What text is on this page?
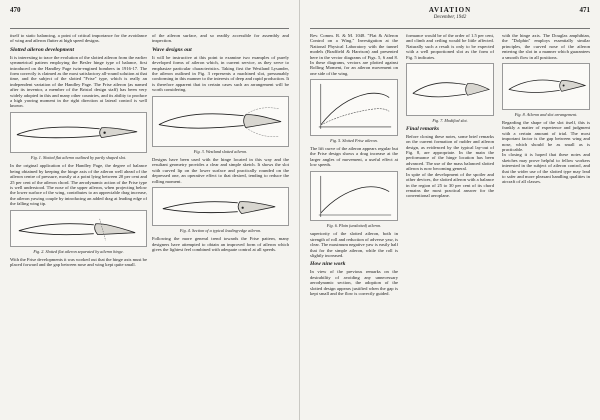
470

itself to static balancing, a point of critical importance for the avoidance of wing and aileron flutter at high speed designs.

Slotted aileron development

It is interesting to trace the evolution of the slotted aileron from the earlier symmetrical pattern employing the Besler hinge type of balance, first introduced on the Handley Page twin-engined bombers in 1916-17. The form correctly is claimed as the most satisfactory all-round solution at that time, and the subject of the slotted "Frise" type, which is really an independent variation of the Handley Page. The Frise aileron (as named after its inventor, a member of the Bristol design staff) has been very widely adopted in this and many other countries, and its ability to produce a high yawing moment in the right direction at lateral control is well known.

Fig. 1. Slotted flat aileron outlined by partly shaped slot.

In the original application of the Handley Page, the degree of balance being obtained by keeping the hinge axis of the aileron well ahead of the aileron centre of pressure, mostly at a point lying between 20 per cent and 25 per cent of the aileron chord. The aerodynamic action of the Frise type is well understood. The nose of the upper aileron, when projecting below the lower surface of the wing, contributes to an appreciable drag increase, the aileron yawing couple by introducing an added drag at leading edge of the falling wing tip.

Fig. 2. Slotted flat aileron separated by aileron hinge.

With the Frise developments it was worked out that the hinge axis must be placed forward and the gap between nose and wing kept quite small.

of the aileron surface, and so readily accessible for assembly and inspection.

Wave designs out

It will be instructive at this point to examine two examples of purely developed forms of aileron which, in current service, as they serve to emphasize particular characteristics. Taking first the Westland Lysander, the aileron outlined in Fig. 3 represents a machined slot, presumably conforming in this manner to the interests of deep and rapid production. It is therefore apparent that in certain cases such an arrangement will be worth considering.

Fig. 3. Westland slotted aileron.

Designs have been used with the hinge located in this way and the resultant geometry provides a clear and simple sketch. It shows the slot with curved lip on the lower surface and practically rounded on the depressed one, an operative effect to that desired, tending to reduce the rolling moment.

Fig. 4. Section of a typical leading-edge aileron.

Following the more general trend towards the Frise pattern, many designers have attempted to obtain an improved form of aileron which gives the lightest feel combined with adequate control at all speeds.

AVIATION
December, 1942
471

Rev. Comm. R. & M. 1048. "Flat & Aileron Control on a Wing." Investigation at the National Physical Laboratory with the tunnel models (Bradfield & Harrison) and presented here in the vector diagrams of Figs. 5, 6 and 8. In these diagrams, vectors are plotted against Rolling Moment, for an aileron movement on one side of the wing.

Fig. 5. Slotted Frise aileron.

The lift curve of the aileron appears regular but the Frise design shows a drag increase at the larger angles of movement, a useful effect at low speeds.

Fig. 6. Plain (unslotted) aileron.

superiority of the slotted aileron, both in strength of roll and reduction of adverse yaw, is clear. The maximum negative yaw is easily half that for the simple aileron, while the roll is slightly increased.

How nine work

In view of the previous remarks on the desirability of avoiding any unnecessary aerodynamic section, the adoption of the slotted design appears justified when the gap is kept small and the flow is correctly guided.

formance would be of the order of 1.5 per cent, and climb and ceiling would be little affected. Naturally such a result is only to be expected with a well proportioned slot as the form of Fig. 5 indicates.

Fig. 7. Modified slot.
Final remarks

Before closing these notes, some brief remarks on the current formation of rudder and aileron design, as evidenced by the typical lay-out of Fig. 8, are appropriate. In the main the performance of the hinge location has been advanced. The use of the mass balanced slotted aileron is now becoming general.

In spite of the development of the spoiler and other devices, the slotted aileron with a balance in the region of 25 to 30 per cent of its chord remains the most practical answer for the conventional aeroplane.

with the hinge axis. The Douglas amphibian, the "Dolphin" employs essentially similar principles, the curved nose of the aileron entering the slot in a manner which guarantees a smooth flow in all positions.

Fig. 8. Aileron and slot arrangement.

Regarding the shape of the slot itself, this is frankly a matter of experience and judgment with a certain amount of trial. The most important factor is the gap between wing and nose, which should be as small as is practicable.

In closing it is hoped that these notes and sketches may prove helpful to fellow workers interested in the subject of aileron control, and that the wider use of the slotted type may lead to safer and more pleasant handling qualities in aircraft of all classes.
